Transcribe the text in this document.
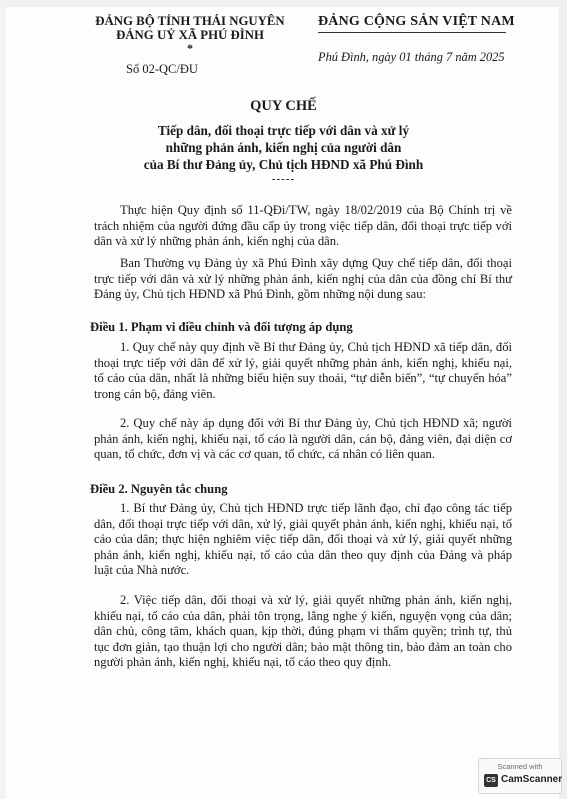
ĐẢNG BỘ TỈNH THÁI NGUYÊN
ĐẢNG UỶ XÃ PHÚ ĐÌNH
*
Số 02-QC/ĐU
ĐẢNG CỘNG SẢN VIỆT NAM
Phú Đình, ngày 01 tháng 7 năm 2025
QUY CHẾ
Tiếp dân, đối thoại trực tiếp với dân và xử lý
những phản ánh, kiến nghị của người dân
của Bí thư Đảng ủy, Chủ tịch HĐND xã Phú Đình
-----

Thực hiện Quy định số 11-QĐi/TW, ngày 18/02/2019 của Bộ Chính trị về trách nhiệm của người đứng đầu cấp ủy trong việc tiếp dân, đối thoại trực tiếp với dân và xử lý những phản ánh, kiến nghị của dân.

Ban Thường vụ Đảng ủy xã Phú Đình xây dựng Quy chế tiếp dân, đối thoại trực tiếp với dân và xử lý những phản ánh, kiến nghị của dân của đồng chí Bí thư Đảng ủy, Chủ tịch HĐND xã Phú Đình, gồm những nội dung sau:

Điều 1. Phạm vi điều chỉnh và đối tượng áp dụng

1. Quy chế này quy định về Bí thư Đảng ủy, Chủ tịch HĐND xã tiếp dân, đối thoại trực tiếp với dân để xử lý, giải quyết những phản ánh, kiến nghị, khiếu nại, tố cáo của dân, nhất là những biểu hiện suy thoái, “tự diễn biến”, “tự chuyển hóa” trong cán bộ, đảng viên.

2. Quy chế này áp dụng đối với Bí thư Đảng ủy, Chủ tịch HĐND xã; người phản ánh, kiến nghị, khiếu nại, tố cáo là người dân, cán bộ, đảng viên, đại diện cơ quan, tổ chức, đơn vị và các cơ quan, tổ chức, cá nhân có liên quan.

Điều 2. Nguyên tắc chung

1. Bí thư Đảng ủy, Chủ tịch HĐND trực tiếp lãnh đạo, chỉ đạo công tác tiếp dân, đối thoại trực tiếp với dân, xử lý, giải quyết phản ánh, kiến nghị, khiếu nại, tố cáo của dân; thực hiện nghiêm việc tiếp dân, đối thoại và xử lý, giải quyết những phản ánh, kiến nghị, khiếu nại, tố cáo của dân theo quy định của Đảng và pháp luật của Nhà nước.

2. Việc tiếp dân, đối thoại và xử lý, giải quyết những phản ánh, kiến nghị, khiếu nại, tố cáo của dân, phải tôn trọng, lắng nghe ý kiến, nguyện vọng của dân; dân chủ, công tâm, khách quan, kịp thời, đúng phạm vi thẩm quyền; trình tự, thủ tục đơn giản, tạo thuận lợi cho người dân; bảo mật thông tin, bảo đảm an toàn cho người phản ánh, kiến nghị, khiếu nại, tố cáo theo quy định.

Scanned with
CS CamScanner
